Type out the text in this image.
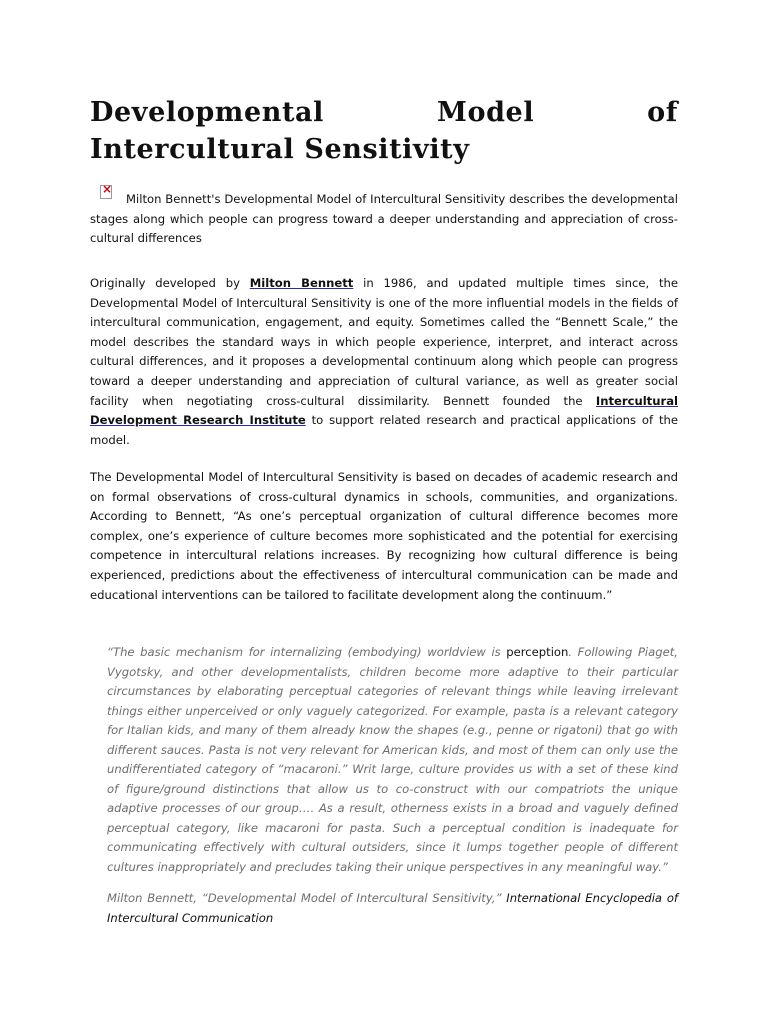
Developmental Model of Intercultural Sensitivity
×

Milton Bennett's Developmental Model of Intercultural Sensitivity describes the developmental stages along which people can progress toward a deeper understanding and appreciation of cross-cultural differences

Originally developed by Milton Bennett in 1986, and updated multiple times since, the Developmental Model of Intercultural Sensitivity is one of the more influential models in the fields of intercultural communication, engagement, and equity. Sometimes called the “Bennett Scale,” the model describes the standard ways in which people experience, interpret, and interact across cultural differences, and it proposes a developmental continuum along which people can progress toward a deeper understanding and appreciation of cultural variance, as well as greater social facility when negotiating cross-cultural dissimilarity. Bennett founded the Intercultural Development Research Institute to support related research and practical applications of the model.

The Developmental Model of Intercultural Sensitivity is based on decades of academic research and on formal observations of cross-cultural dynamics in schools, communities, and organizations. According to Bennett, “As one’s perceptual organization of cultural difference becomes more complex, one’s experience of culture becomes more sophisticated and the potential for exercising competence in intercultural relations increases. By recognizing how cultural difference is being experienced, predictions about the effectiveness of intercultural communication can be made and educational interventions can be tailored to facilitate development along the continuum.”

“The basic mechanism for internalizing (embodying) worldview is perception. Following Piaget, Vygotsky, and other developmentalists, children become more adaptive to their particular circumstances by elaborating perceptual categories of relevant things while leaving irrelevant things either unperceived or only vaguely categorized. For example, pasta is a relevant category for Italian kids, and many of them already know the shapes (e.g., penne or rigatoni) that go with different sauces. Pasta is not very relevant for American kids, and most of them can only use the undifferentiated category of “macaroni.” Writ large, culture provides us with a set of these kind of figure/ground distinctions that allow us to co-construct with our compatriots the unique adaptive processes of our group…. As a result, otherness exists in a broad and vaguely defined perceptual category, like macaroni for pasta. Such a perceptual condition is inadequate for communicating effectively with cultural outsiders, since it lumps together people of different cultures inappropriately and precludes taking their unique perspectives in any meaningful way.”

Milton Bennett, “Developmental Model of Intercultural Sensitivity,” International Encyclopedia of Intercultural Communication
